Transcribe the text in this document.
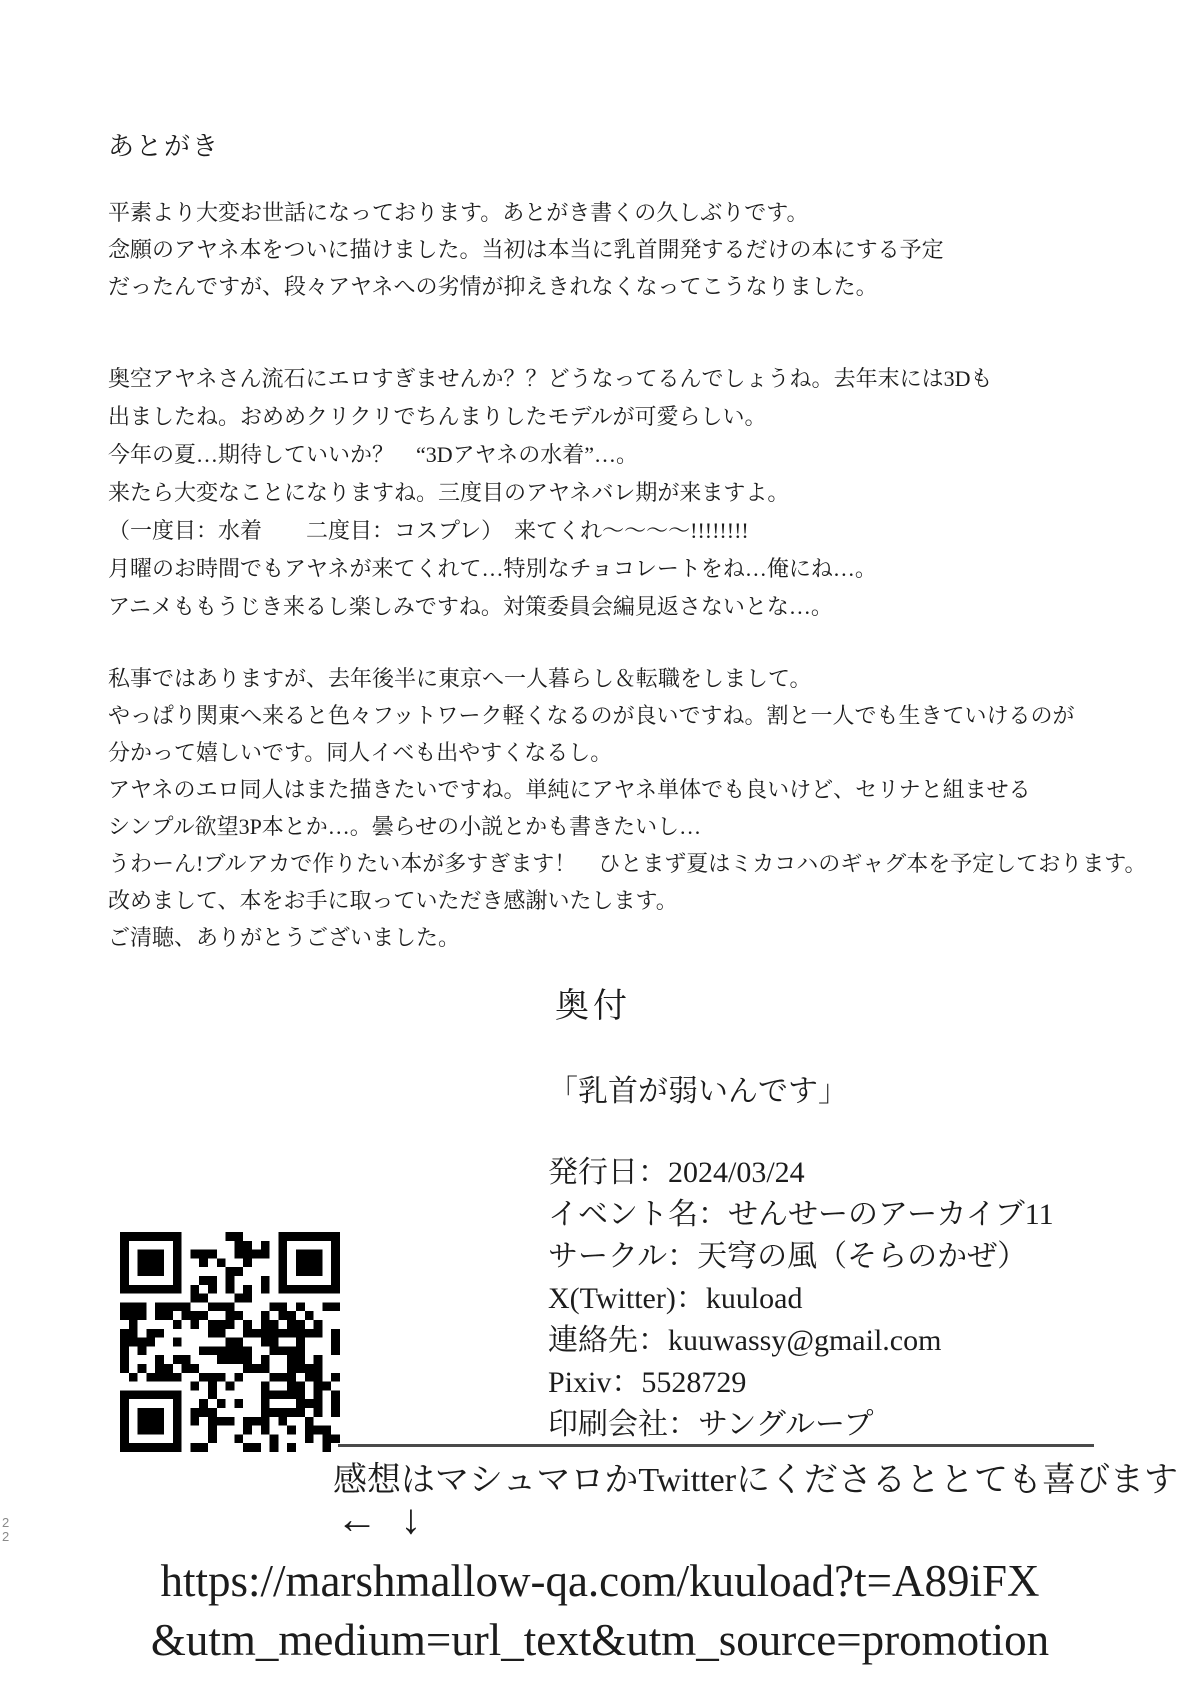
あとがき
平素より大変お世話になっております。あとがき書くの久しぶりです。
念願のアヤネ本をついに描けました。当初は本当に乳首開発するだけの本にする予定
だったんですが、段々アヤネへの劣情が抑えきれなくなってこうなりました。
奥空アヤネさん流石にエロすぎませんか？？どうなってるんでしょうね。去年末には3Dも
出ましたね。おめめクリクリでちんまりしたモデルが可愛らしい。
今年の夏…期待していいか？　“3Dアヤネの水着”…。
来たら大変なことになりますね。三度目のアヤネバレ期が来ますよ。
（一度目：水着　　二度目：コスプレ）　来てくれ～～～～!!!!!!!!
月曜のお時間でもアヤネが来てくれて…特別なチョコレートをね…俺にね…。
アニメももうじき来るし楽しみですね。対策委員会編見返さないとな…。
私事ではありますが、去年後半に東京へ一人暮らし＆転職をしまして。
やっぱり関東へ来ると色々フットワーク軽くなるのが良いですね。割と一人でも生きていけるのが
分かって嬉しいです。同人イベも出やすくなるし。
アヤネのエロ同人はまた描きたいですね。単純にアヤネ単体でも良いけど、セリナと組ませる
シンプル欲望3P本とか…。曇らせの小説とかも書きたいし…
うわーん!ブルアカで作りたい本が多すぎます！　ひとまず夏はミカコハのギャグ本を予定しております。
改めまして、本をお手に取っていただき感謝いたします。
ご清聴、ありがとうございました。
奥付
「乳首が弱いんです」
発行日：2024/03/24
イベント名：せんせーのアーカイブ11
サークル：天穹の風（そらのかぜ）
X(Twitter)：kuuload
連絡先：kuuwassy@gmail.com
Pixiv：5528729
印刷会社：サングループ
感想はマシュマロかTwitterにくださるととても喜びます
← ↓
2
2
https://marshmallow-qa.com/kuuload?t=A89iFX
&utm_medium=url_text&utm_source=promotion
